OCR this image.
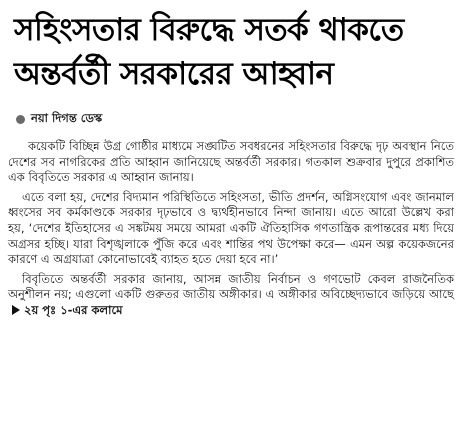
সহিংসতার বিরুদ্ধে সতর্ক থাকতে
অন্তর্বর্তী সরকারের আহ্বান
নয়া দিগন্ত ডেস্ক

কয়েকটি বিচ্ছিন্ন উগ্র গোষ্ঠীর মাধ্যমে সঙ্ঘটিত সবধরনের সহিংসতার বিরুদ্ধে দৃঢ় অবস্থান নিতে দেশের সব নাগরিকের প্রতি আহ্বান জানিয়েছে অন্তর্বর্তী সরকার। গতকাল শুক্রবার দুপুরে প্রকাশিত এক বিবৃতিতে সরকার এ আহ্বান জানায়।

এতে বলা হয়, দেশের বিদ্যমান পরিস্থিতিতে সহিংসতা, ভীতি প্রদর্শন, অগ্নিসংযোগ এবং জানমাল ধ্বংসের সব কর্মকাণ্ডকে সরকার দৃঢ়ভাবে ও দ্ব্যর্থহীনভাবে নিন্দা জানায়। এতে আরো উল্লেখ করা হয়, ‘দেশের ইতিহাসের এ সঙ্কটময় সময়ে আমরা একটি ঐতিহাসিক গণতান্ত্রিক রূপান্তরের মধ্য দিয়ে অগ্রসর হচ্ছি। যারা বিশৃঙ্খলাকে পুঁজি করে এবং শান্তির পথ উপেক্ষা করে— এমন অল্প কয়েকজনের কারণে এ অগ্রযাত্রা কোনোভাবেই ব্যাহত হতে দেয়া হবে না।’

বিবৃতিতে অন্তর্বর্তী সরকার জানায়, আসন্ন জাতীয় নির্বাচন ও গণভোট কেবল রাজনৈতিক অনুশীলন নয়; এগুলো একটি গুরুতর জাতীয় অঙ্গীকার। এ অঙ্গীকার অবিচ্ছেদ্যভাবে জড়িয়ে আছে ২য় পৃঃ ১-এর কলামে
